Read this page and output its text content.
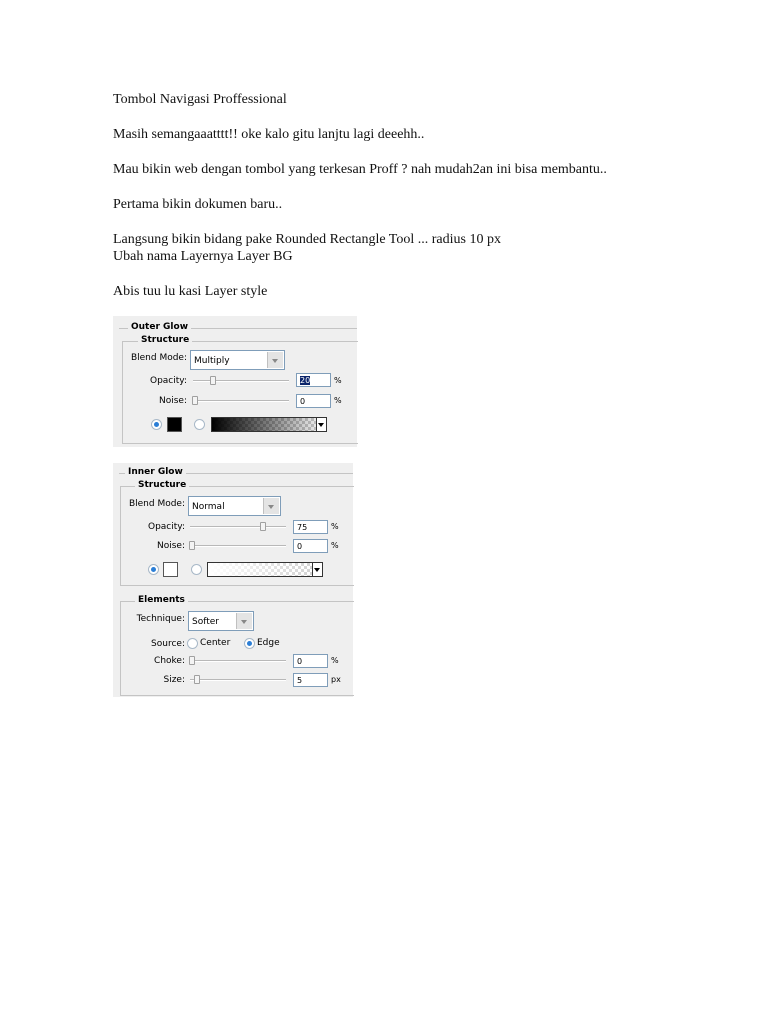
Tombol Navigasi Proffessional

Masih semangaaatttt!! oke kalo gitu lanjtu lagi deeehh..

Mau bikin web dengan tombol yang terkesan Proff ? nah mudah2an ini bisa membantu..

Pertama bikin dokumen baru..

Langsung bikin bidang pake Rounded Rectangle Tool ... radius 10 px

Ubah nama Layernya Layer BG

Abis tuu lu kasi Layer style

Outer Glow
Structure
Blend Mode: Multiply
Opacity:	20	%
Noise:	0	%
Inner Glow
Structure
Blend Mode: Normal
Opacity:	75	%
Noise:	0	%
Elements
Technique: Softer
Source: Center	Edge
Choke:	0	%
Size:	5	px
